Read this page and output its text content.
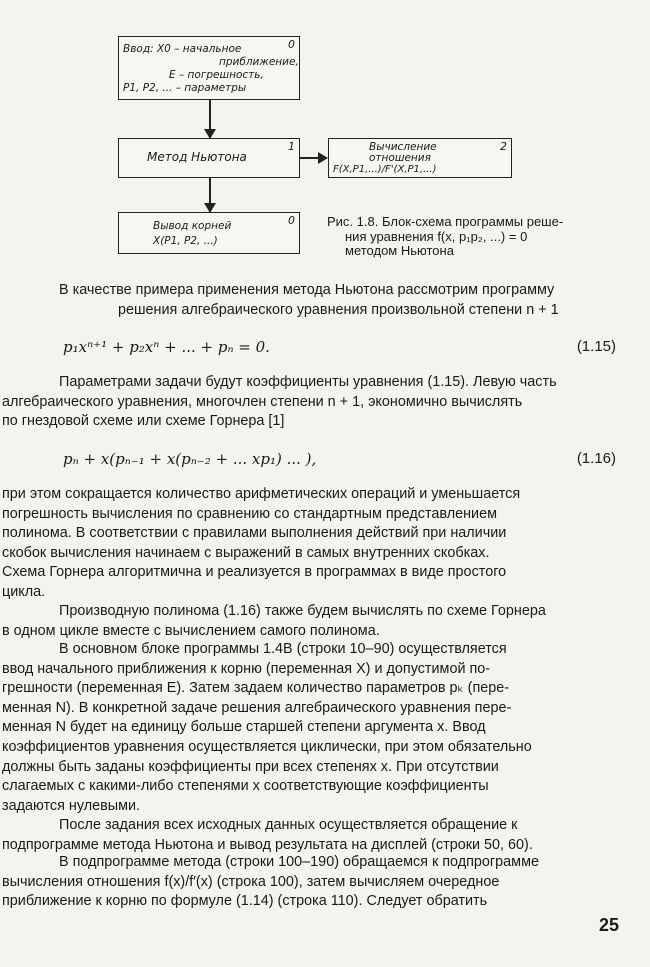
0
Ввод: X0 – начальное
приближение,
E – погрешность,
P1, P2, ... – параметры
1
Метод Ньютона
2
Вычисление
отношения
F(X,P1,...)/F'(X,P1,...)
0
Вывод корней
X(P1, P2, ...)
Рис. 1.8. Блок-схема программы реше-
ния уравнения f(x, p₁p₂, ...) = 0
методом Ньютона
В качестве примера применения метода Ньютона рассмотрим программу
решения алгебраического уравнения произвольной степени n + 1
p₁xⁿ⁺¹ + p₂xⁿ + ... + pₙ = 0.	(1.15)
Параметрами задачи будут коэффициенты уравнения (1.15). Левую часть
алгебраического уравнения, многочлен степени n + 1, экономично вычислять
по гнездовой схеме или схеме Горнера [1]
pₙ + x(pₙ₋₁ + x(pₙ₋₂ + ... xp₁) ... ),	(1.16)
при этом сокращается количество арифметических операций и уменьшается
погрешность вычисления по сравнению со стандартным представлением
полинома. В соответствии с правилами выполнения действий при наличии
скобок вычисления начинаем с выражений в самых внутренних скобках.
Схема Горнера алгоритмична и реализуется в программах в виде простого
цикла.
Производную полинома (1.16) также будем вычислять по схеме Горнера
в одном цикле вместе с вычислением самого полинома.
В основном блоке программы 1.4В (строки 10–90) осуществляется
ввод начального приближения к корню (переменная X) и допустимой по-
грешности (переменная E). Затем задаем количество параметров pₖ (пере-
менная N). В конкретной задаче решения алгебраического уравнения пере-
менная N будет на единицу больше старшей степени аргумента x. Ввод
коэффициентов уравнения осуществляется циклически, при этом обязательно
должны быть заданы коэффициенты при всех степенях x. При отсутствии
слагаемых с какими-либо степенями x соответствующие коэффициенты
задаются нулевыми.
После задания всех исходных данных осуществляется обращение к
подпрограмме метода Ньютона и вывод результата на дисплей (строки 50, 60).
В подпрограмме метода (строки 100–190) обращаемся к подпрограмме
вычисления отношения f(x)/f′(x) (строка 100), затем вычисляем очередное
приближение к корню по формуле (1.14) (строка 110). Следует обратить
25
